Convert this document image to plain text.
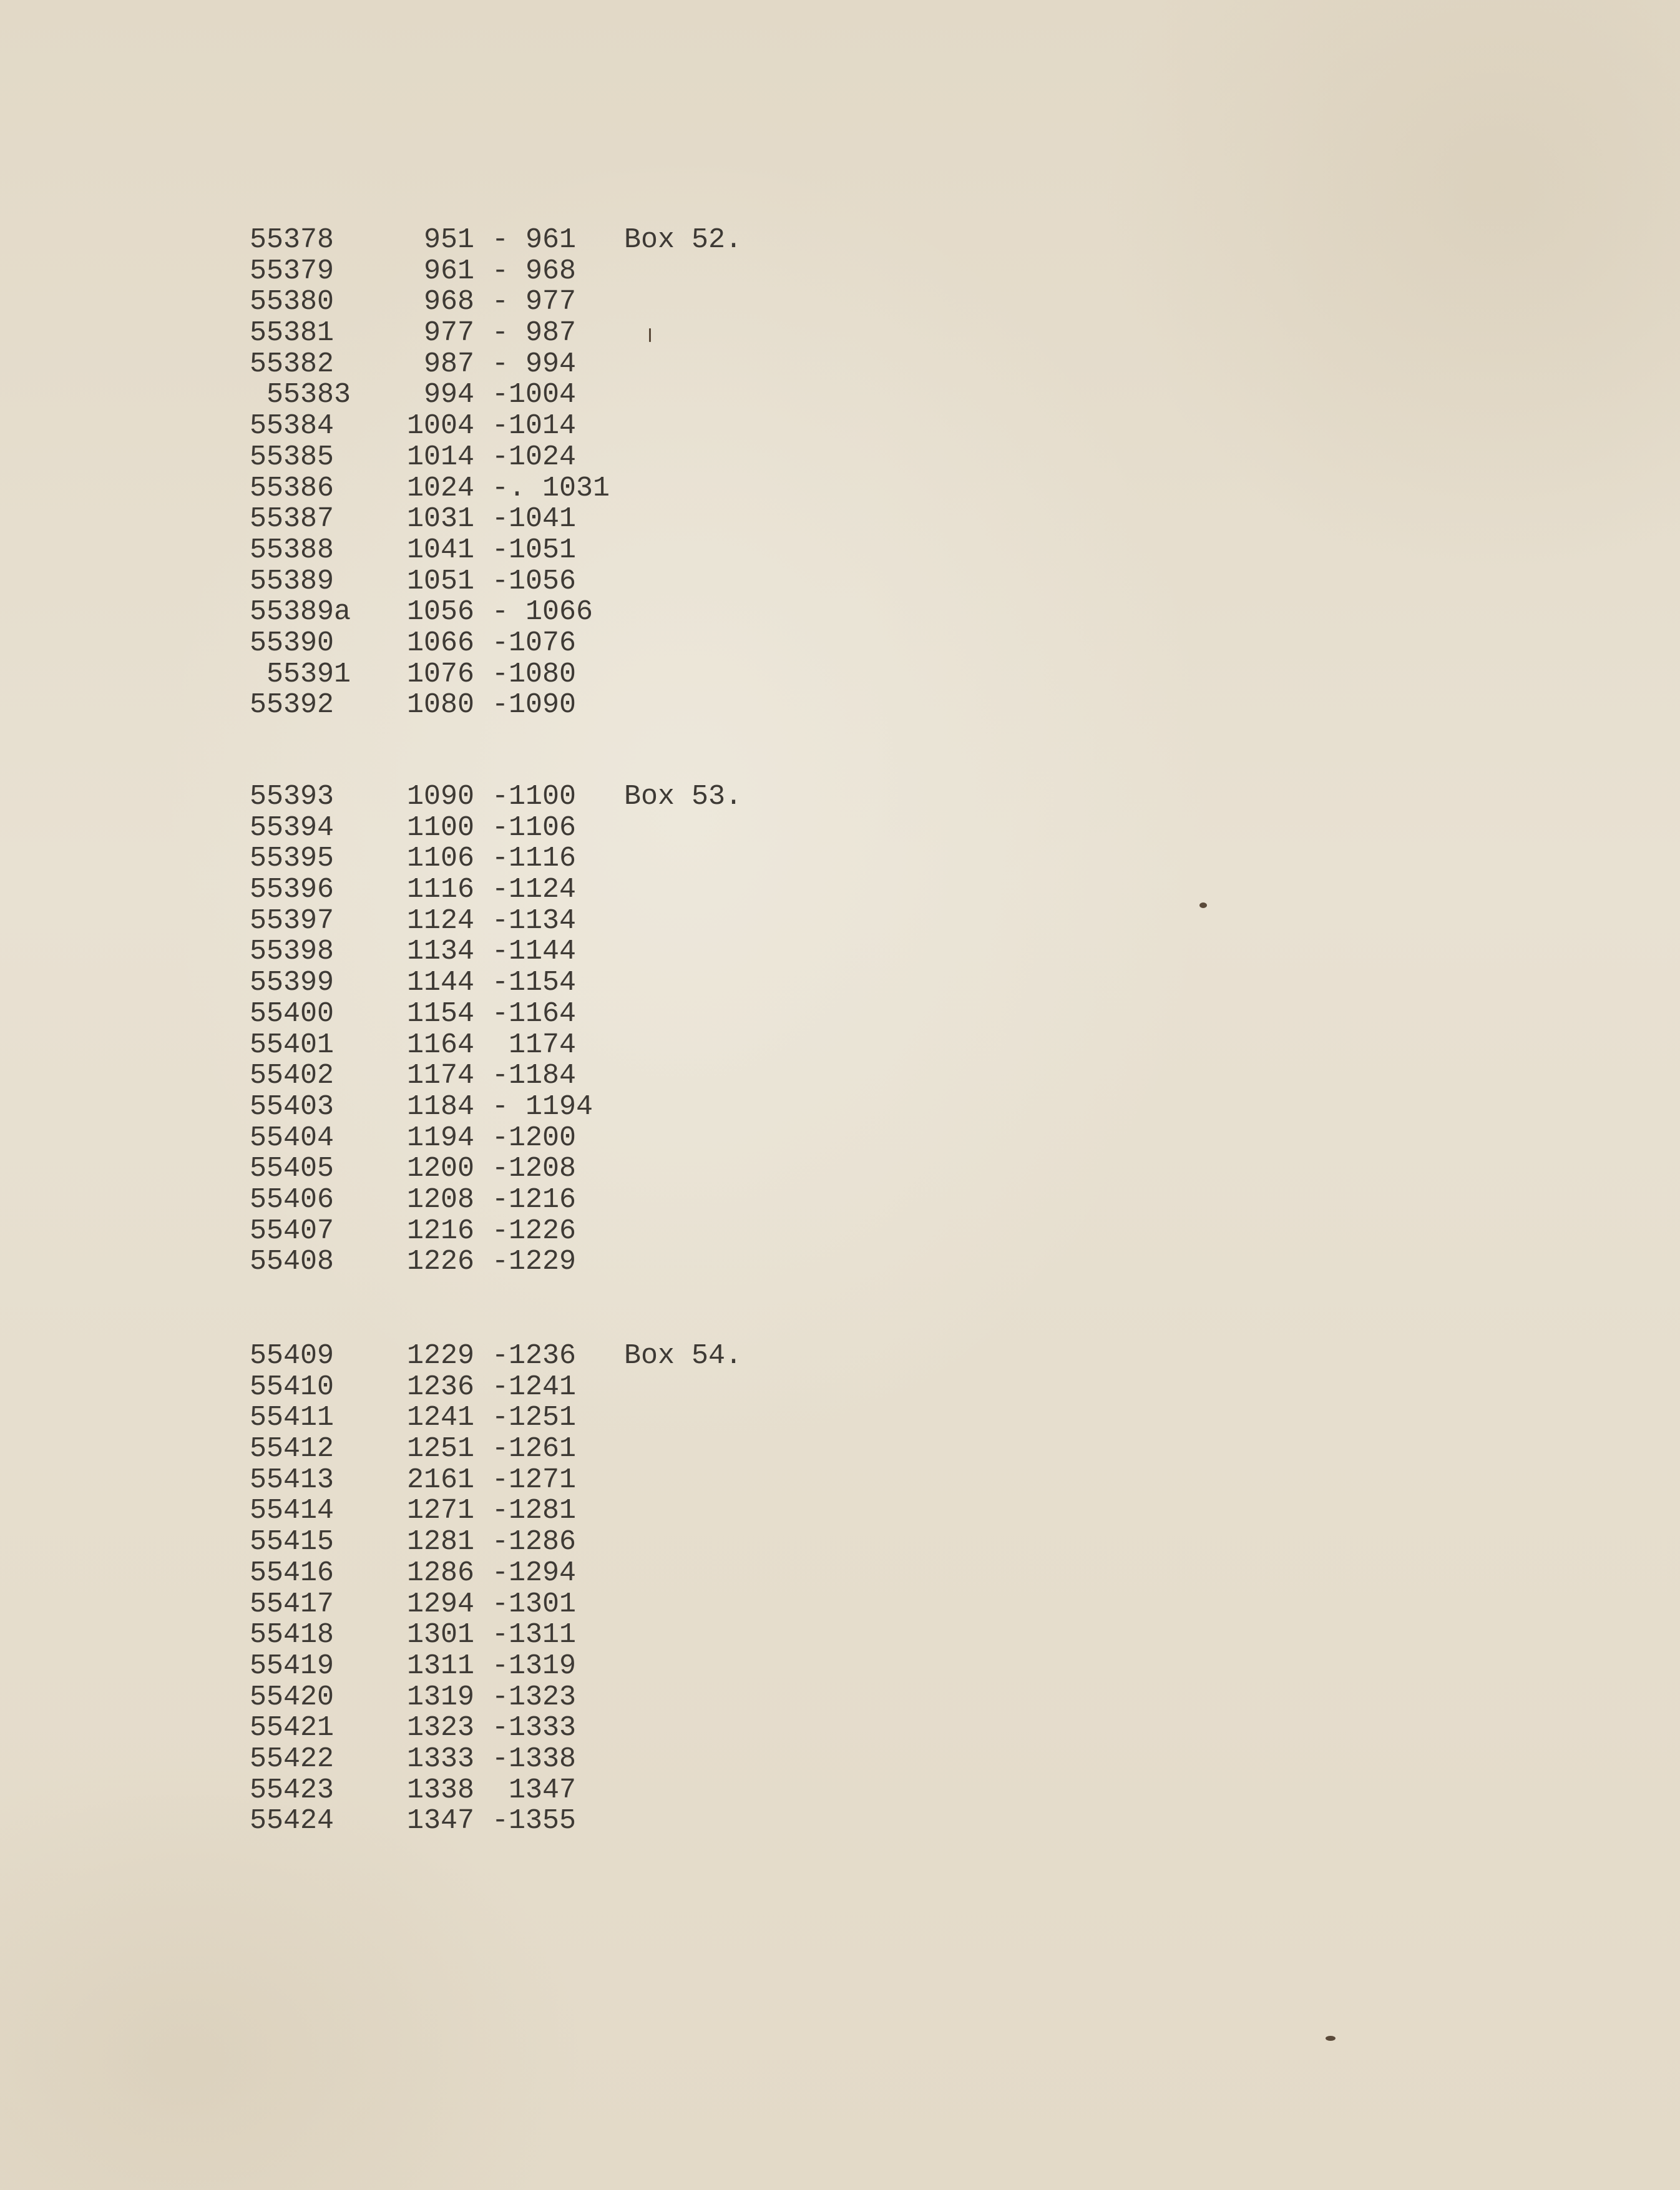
Box 52.
55378	951 - 961
55379	961 - 968
55380	968 - 977
55381	977 - 987
55382	987 - 994
55383	994 -1004
55384	1004 -1014
55385	1014 -1024
55386	1024 -. 1031
55387	1031 -1041
55388	1041 -1051
55389	1051 -1056
55389a 1056 - 1066
55390	1066 -1076
55391 1076 -1080
55392	1080 -1090
Box 53.
55393	1090 -1100
55394	1100 -1106
55395	1106 -1116
55396	1116 -1124
55397	1124 -1134
55398	1134 -1144
55399	1144 -1154
55400	1154 -1164
55401	1164 1174
55402	1174 -1184
55403	1184 - 1194
55404	1194 -1200
55405	1200 -1208
55406	1208 -1216
55407	1216 -1226
55408	1226 -1229
Box 54.
55409	1229 -1236
55410	1236 -1241
55411	1241 -1251
55412	1251 -1261
55413	2161 -1271
55414	1271 -1281
55415	1281 -1286
55416	1286 -1294
55417	1294 -1301
55418	1301 -1311
55419	1311 -1319
55420	1319 -1323
55421	1323 -1333
55422	1333 -1338
55423	1338 1347
55424	1347 -1355
